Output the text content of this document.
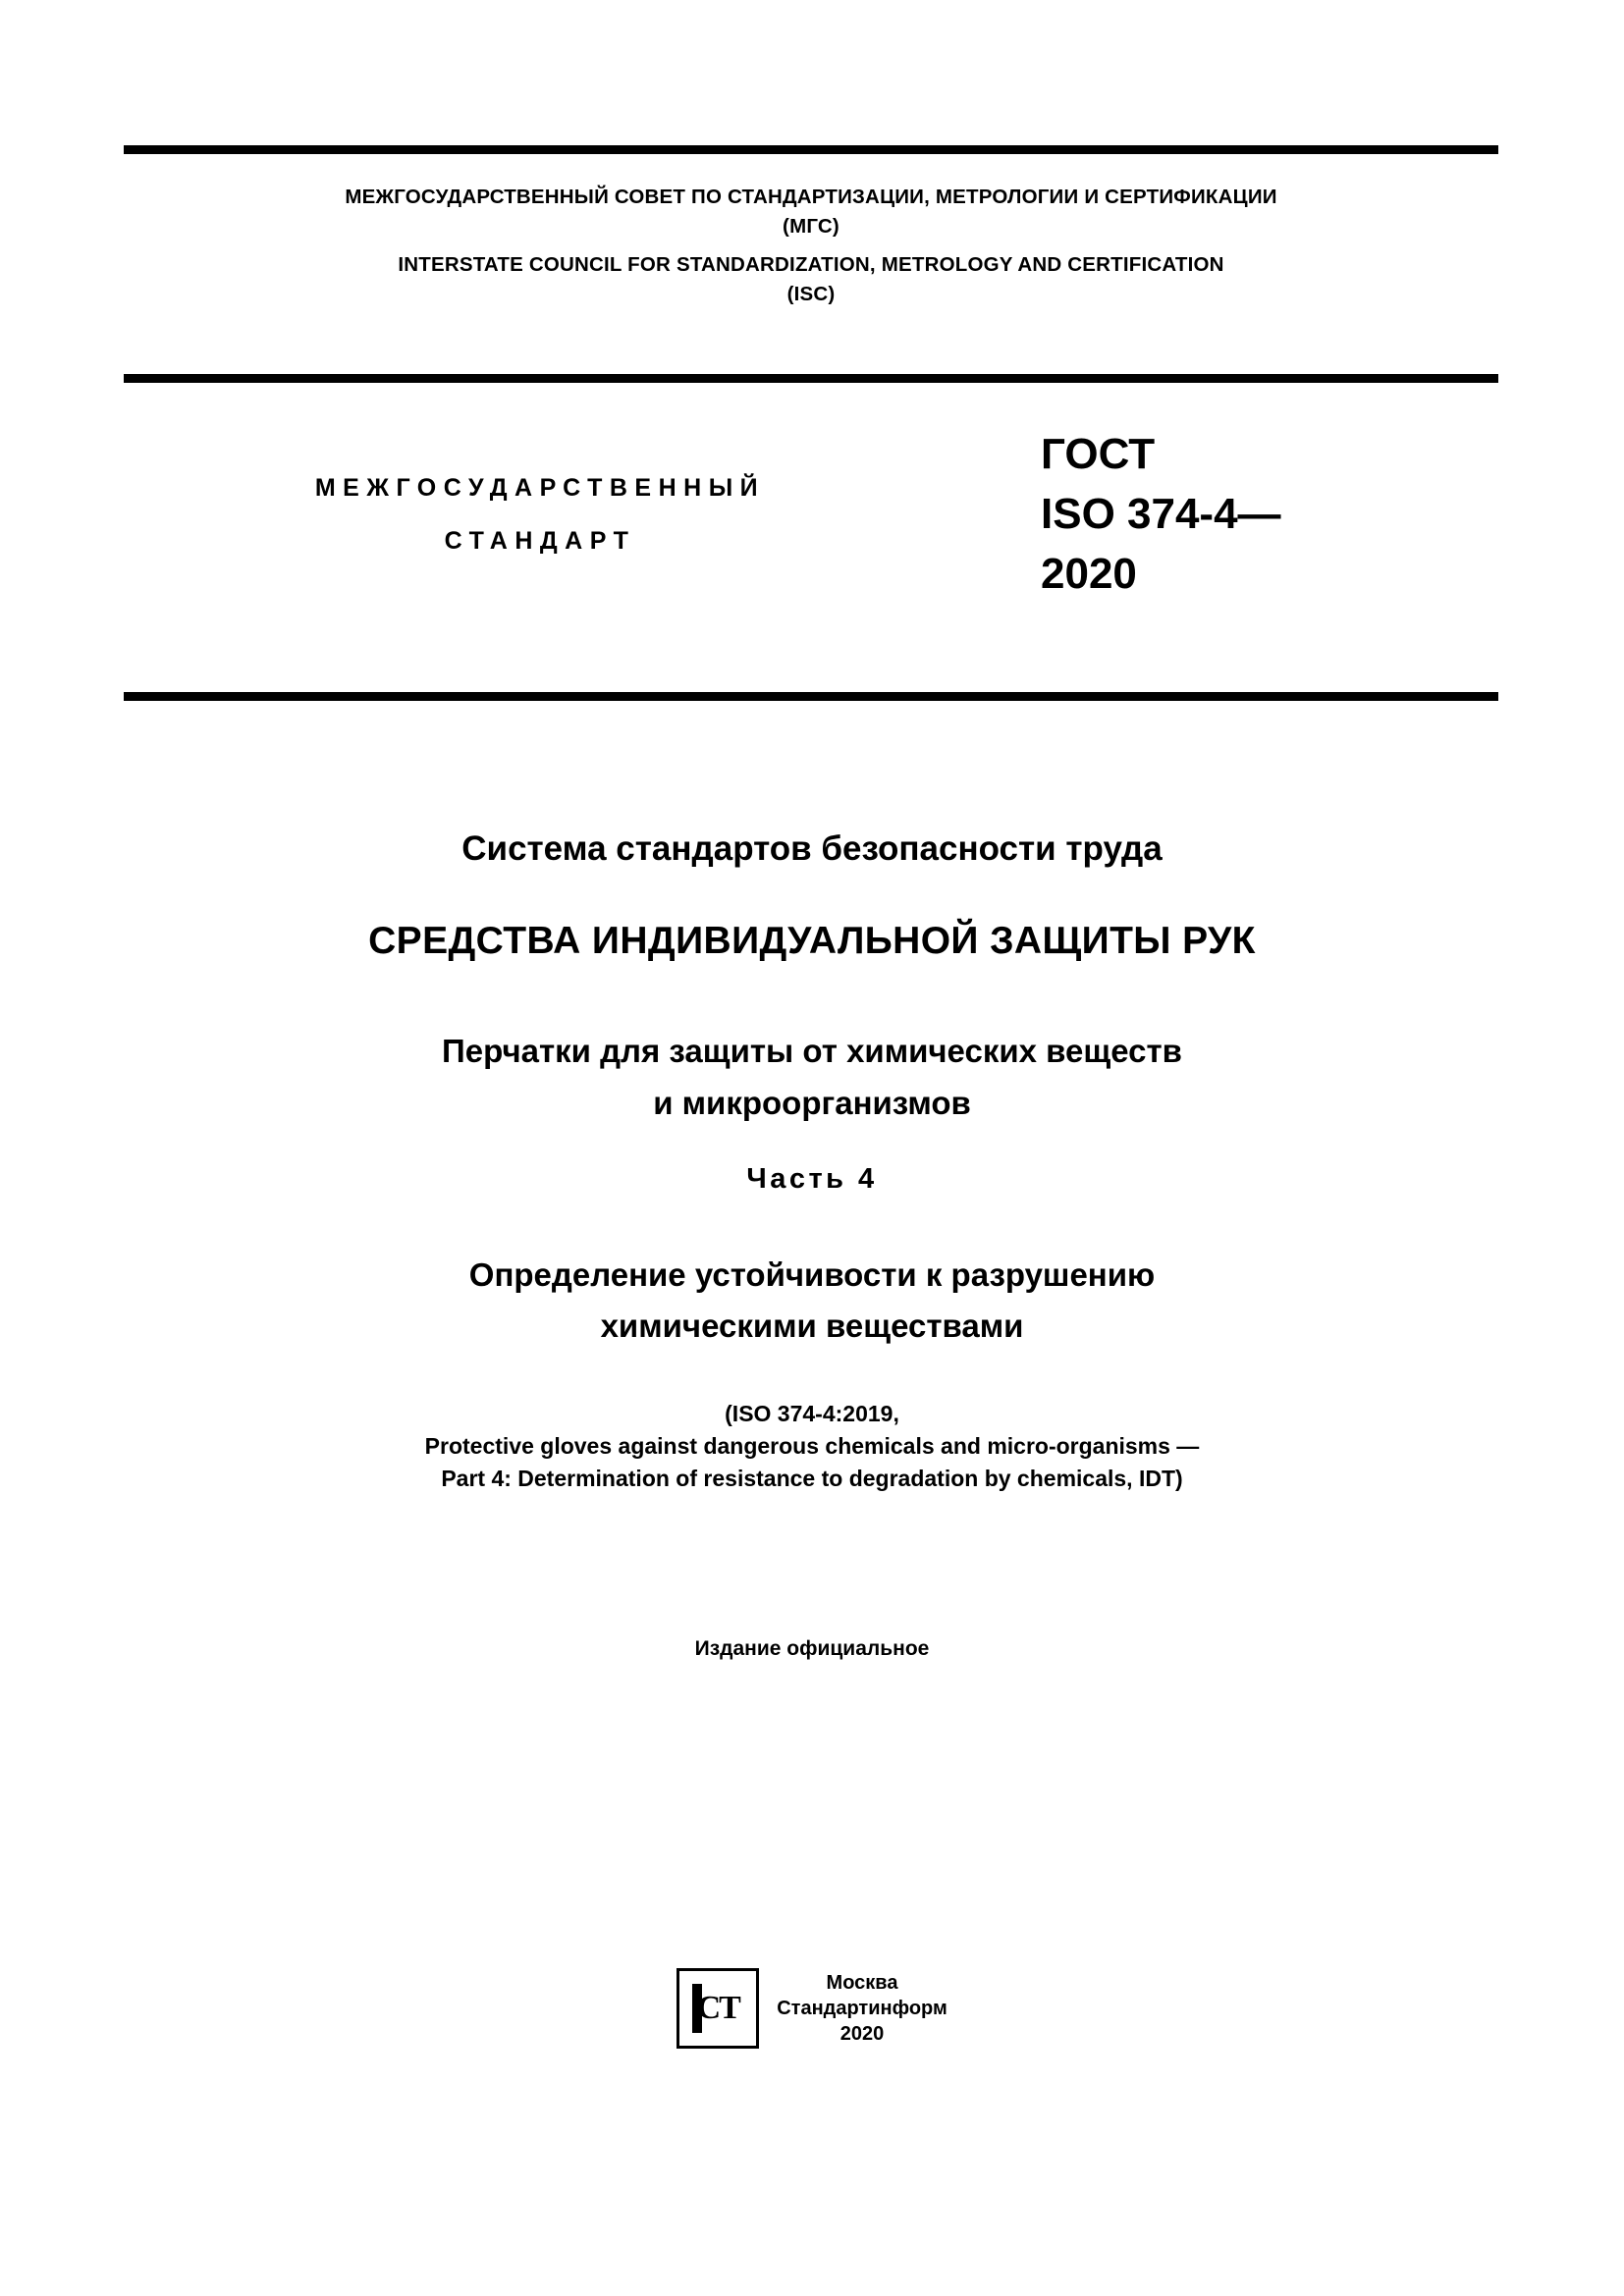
МЕЖГОСУДАРСТВЕННЫЙ СОВЕТ ПО СТАНДАРТИЗАЦИИ, МЕТРОЛОГИИ И СЕРТИФИКАЦИИ
(МГС)
INTERSTATE COUNCIL FOR STANDARDIZATION, METROLOGY AND CERTIFICATION
(ISC)
МЕЖГОСУДАРСТВЕННЫЙ
СТАНДАРТ
ГОСТ
ISO 374-4—
2020
Система стандартов безопасности труда
СРЕДСТВА ИНДИВИДУАЛЬНОЙ ЗАЩИТЫ РУК
Перчатки для защиты от химических веществ
и микроорганизмов
Часть 4
Определение устойчивости к разрушению
химическими веществами
(ISO 374-4:2019,
Protective gloves against dangerous chemicals and micro-organisms —
Part 4: Determination of resistance to degradation by chemicals, IDT)
Издание официальное
СТ
Москва
Стандартинформ
2020
